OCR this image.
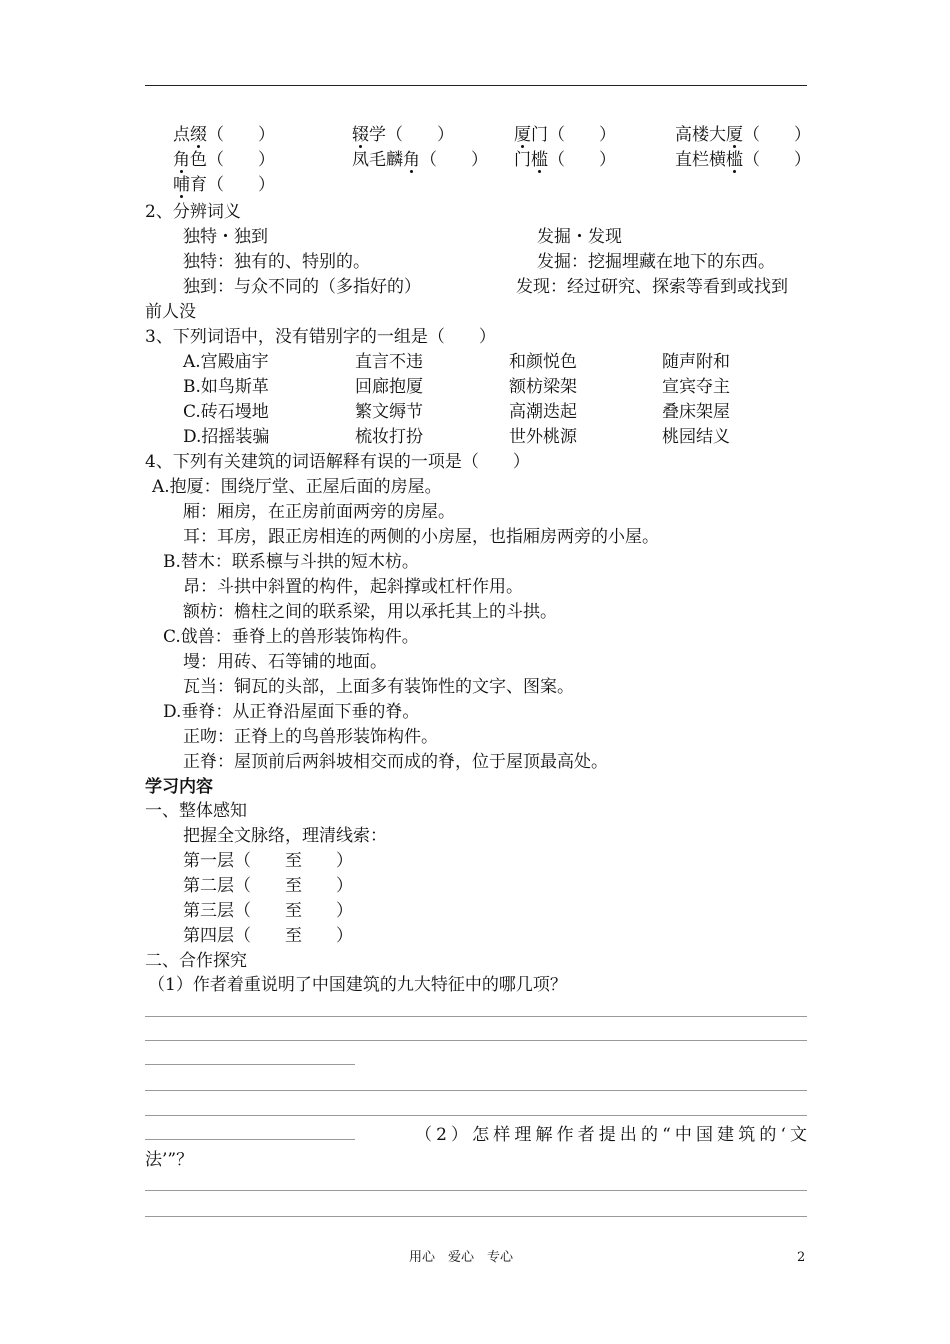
点缀（　　）	辍学（　　）	厦门（　　）	高楼大厦（　　）
角色（　　）	凤毛麟角（　　） 门槛（　　）	直栏横槛（　　）
哺育（　　）
2、分辨词义
独特・独到	发掘・发现
独特：独有的、特别的。	发掘：挖掘埋藏在地下的东西。
独到：与众不同的（多指好的）	发现：经过研究、探索等看到或找到
前人没
3、下列词语中，没有错别字的一组是（　　）
A.宫殿庙宇	直言不违	和颜悦色	随声附和
B.如鸟斯革	回廊抱厦	额枋梁架	宣宾夺主
C.砖石墁地	繁文缛节	高潮迭起	叠床架屋
D.招摇装骗	梳妆打扮	世外桃源	桃园结义
4、下列有关建筑的词语解释有误的一项是（　　）
A.抱厦：围绕厅堂、正屋后面的房屋。
厢：厢房，在正房前面两旁的房屋。
耳：耳房，跟正房相连的两侧的小房屋，也指厢房两旁的小屋。
B.替木：联系檩与斗拱的短木枋。
昂：斗拱中斜置的构件，起斜撑或杠杆作用。
额枋：檐柱之间的联系梁，用以承托其上的斗拱。
C.戗兽：垂脊上的兽形装饰构件。
墁：用砖、石等铺的地面。
瓦当：铜瓦的头部，上面多有装饰性的文字、图案。
D.垂脊：从正脊沿屋面下垂的脊。
正吻：正脊上的鸟兽形装饰构件。
正脊：屋顶前后两斜坡相交而成的脊，位于屋顶最高处。
学习内容
一、整体感知
把握全文脉络，理清线索：
第一层（　　至　　）
第二层（　　至　　）
第三层（　　至　　）
第四层（　　至　　）
二、合作探究
（1）作者着重说明了中国建筑的九大特征中的哪几项？
（2）怎样理解作者提出的“中国建筑的‘文
法’”？
用心　爱心　专心	2
